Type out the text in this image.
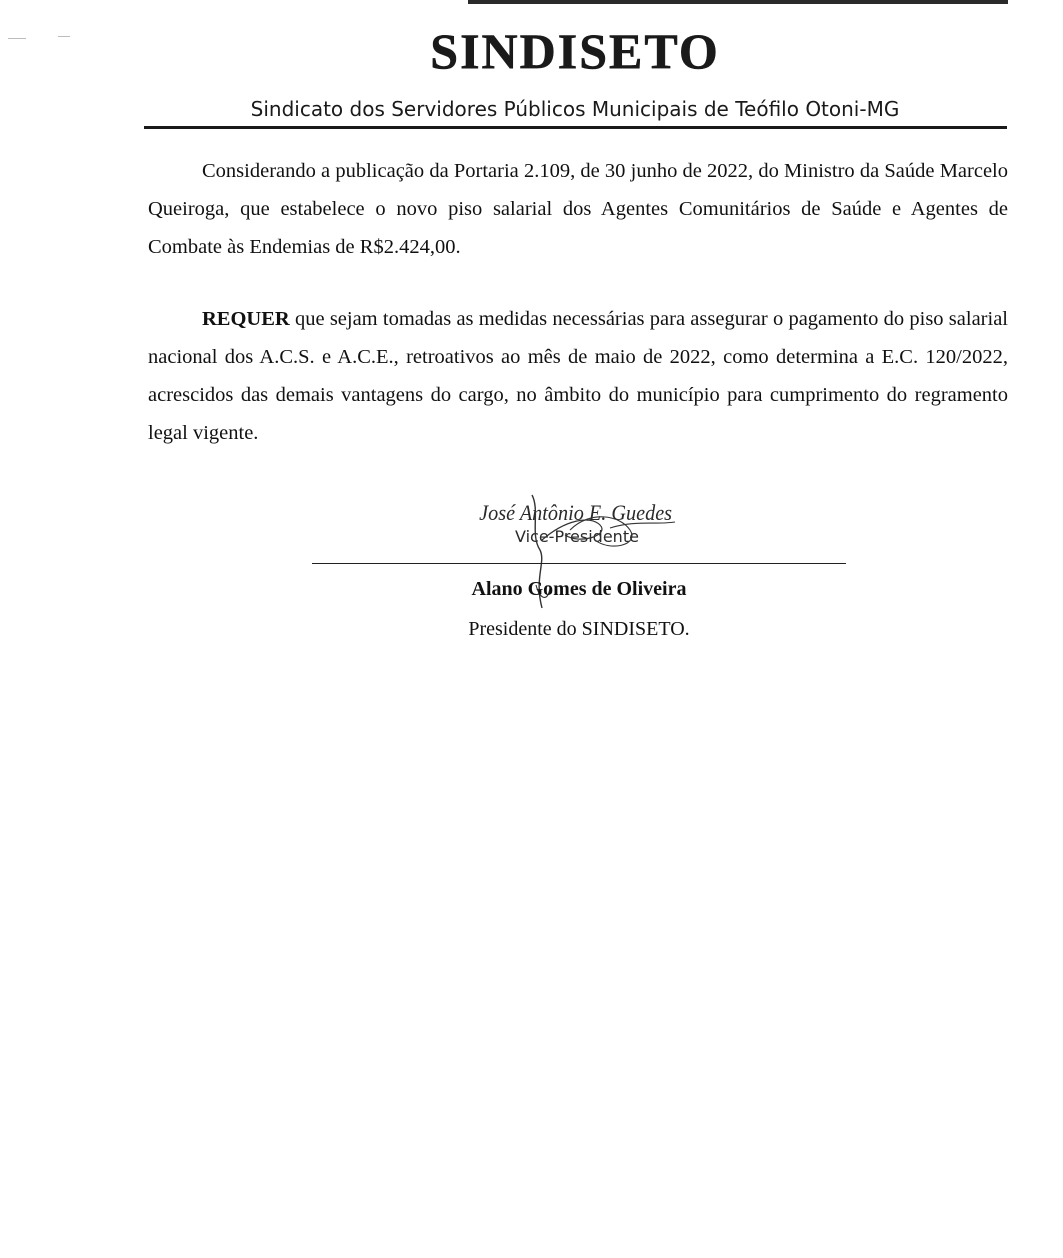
SINDISETO
Sindicato dos Servidores Públicos Municipais de Teófilo Otoni-MG

Considerando a publicação da Portaria 2.109, de 30 junho de 2022, do Ministro da Saúde Marcelo Queiroga, que estabelece o novo piso salarial dos Agentes Comunitários de Saúde e Agentes de Combate às Endemias de R$2.424,00.

REQUER que sejam tomadas as medidas necessárias para assegurar o pagamento do piso salarial nacional dos A.C.S. e A.C.E., retroativos ao mês de maio de 2022, como determina a E.C. 120/2022, acrescidos das demais vantagens do cargo, no âmbito do município para cumprimento do regramento legal vigente.

José Antônio E. Guedes
Vice-Presidente
Alano Gomes de Oliveira
Presidente do SINDISETO.
